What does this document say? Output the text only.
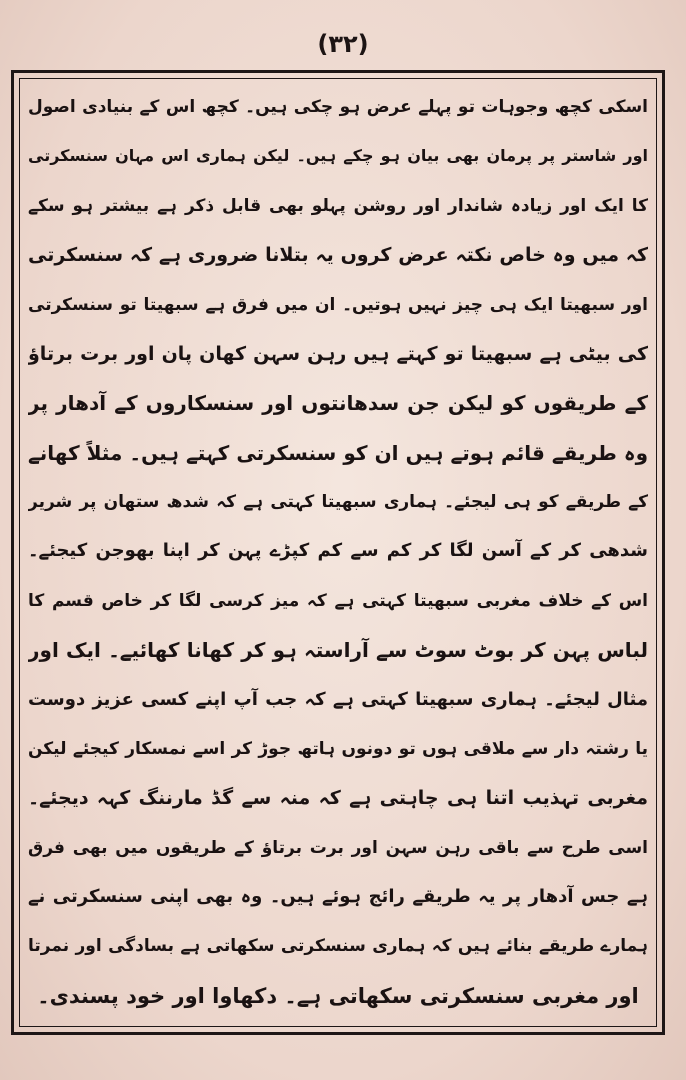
(۳۲)
اسکی کچھ وجوہات تو پہلے عرض ہو چکی ہیں۔ کچھ اس کے بنیادی اصول
اور شاستر پر پرمان بھی بیان ہو چکے ہیں۔ لیکن ہماری اس مہان سنسکرتی
کا ایک اور زیادہ شاندار اور روشن پہلو بھی قابل ذکر ہے بیشتر ہو سکے
کہ میں وہ خاص نکتہ عرض کروں یہ بتلانا ضروری ہے کہ سنسکرتی
اور سبھیتا ایک ہی چیز نہیں ہوتیں۔ ان میں فرق ہے سبھیتا تو سنسکرتی
کی بیٹی ہے سبھیتا تو کہتے ہیں رہن سہن کھان پان اور برت برتاؤ
کے طریقوں کو لیکن جن سدھانتوں اور سنسکاروں کے آدھار پر
وہ طریقے قائم ہوتے ہیں ان کو سنسکرتی کہتے ہیں۔ مثلاً کھانے
کے طریقے کو ہی لیجئے۔ ہماری سبھیتا کہتی ہے کہ شدھ ستھان پر شریر
شدھی کر کے آسن لگا کر کم سے کم کپڑے پہن کر اپنا بھوجن کیجئے۔
اس کے خلاف مغربی سبھیتا کہتی ہے کہ میز کرسی لگا کر خاص قسم کا
لباس پہن کر بوٹ سوٹ سے آراستہ ہو کر کھانا کھائیے۔ ایک اور
مثال لیجئے۔ ہماری سبھیتا کہتی ہے کہ جب آپ اپنے کسی عزیز دوست
یا رشتہ دار سے ملاقی ہوں تو دونوں ہاتھ جوڑ کر اسے نمسکار کیجئے لیکن
مغربی تہذیب اتنا ہی چاہتی ہے کہ منہ سے گڈ مارننگ کہہ دیجئے۔
اسی طرح سے باقی رہن سہن اور برت برتاؤ کے طریقوں میں بھی فرق
ہے جس آدھار پر یہ طریقے رائج ہوئے ہیں۔ وہ بھی اپنی سنسکرتی نے
ہمارے طریقے بنائے ہیں کہ ہماری سنسکرتی سکھاتی ہے بسادگی اور نمرتا
اور مغربی سنسکرتی سکھاتی ہے۔ دکھاوا اور خود پسندی۔
